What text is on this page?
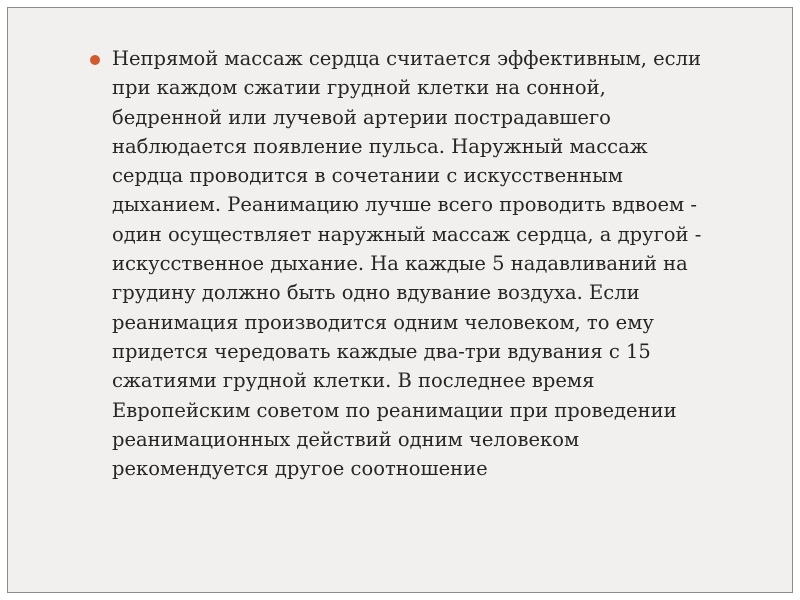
Непрямой массаж сердца считается эффективным, если
при каждом сжатии грудной клетки на сонной,
бедренной или лучевой артерии пострадавшего
наблюдается появление пульса. Наружный массаж
сердца проводится в сочетании с искусственным
дыханием. Реанимацию лучше всего проводить вдвоем -
один осуществляет наружный массаж сердца, а другой -
искусственное дыхание. На каждые 5 надавливаний на
грудину должно быть одно вдувание воздуха. Если
реанимация производится одним человеком, то ему
придется чередовать каждые два-три вдувания с 15
сжатиями грудной клетки. В последнее время
Европейским советом по реанимации при проведении
реанимационных действий одним человеком
рекомендуется другое соотношение
